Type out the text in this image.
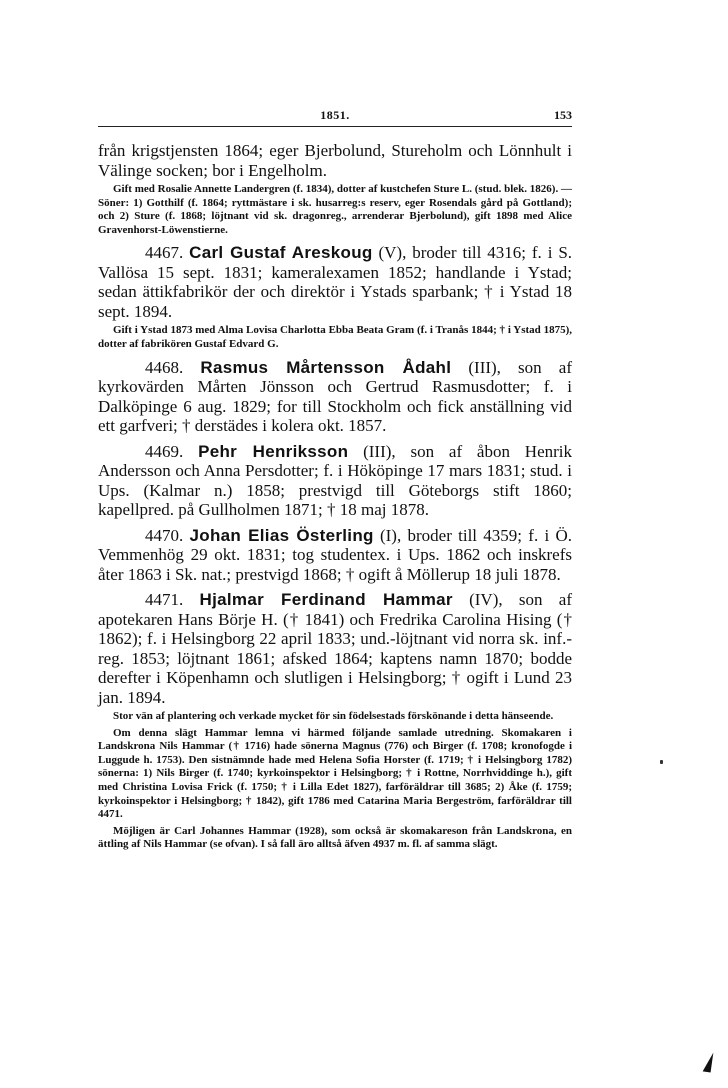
1851.	153

från krigstjensten 1864; eger Bjerbolund, Stureholm och Lönnhult i Välinge socken; bor i Engelholm.

Gift med Rosalie Annette Landergren (f. 1834), dotter af kustchefen Sture L. (stud. blek. 1826). — Söner: 1) Gotthilf (f. 1864; ryttmästare i sk. husarreg:s reserv, eger Rosendals gård på Gottland); och 2) Sture (f. 1868; löjtnant vid sk. dragonreg., arrenderar Bjerbolund), gift 1898 med Alice Gravenhorst-Löwenstierne.

4467. Carl Gustaf Areskoug (V), broder till 4316; f. i S. Vallösa 15 sept. 1831; kameralexamen 1852; handlande i Ystad; sedan ättikfabrikör der och direktör i Ystads sparbank; † i Ystad 18 sept. 1894.

Gift i Ystad 1873 med Alma Lovisa Charlotta Ebba Beata Gram (f. i Tranås 1844; † i Ystad 1875), dotter af fabrikören Gustaf Edvard G.

4468. Rasmus Mårtensson Ådahl (III), son af kyrkovärden Mårten Jönsson och Gertrud Rasmusdotter; f. i Dalköpinge 6 aug. 1829; for till Stockholm och fick anställning vid ett garfveri; † derstädes i kolera okt. 1857.

4469. Pehr Henriksson (III), son af åbon Henrik Andersson och Anna Persdotter; f. i Hököpinge 17 mars 1831; stud. i Ups. (Kalmar n.) 1858; prestvigd till Göteborgs stift 1860; kapellpred. på Gullholmen 1871; † 18 maj 1878.

4470. Johan Elias Österling (I), broder till 4359; f. i Ö. Vemmenhög 29 okt. 1831; tog studentex. i Ups. 1862 och inskrefs åter 1863 i Sk. nat.; prestvigd 1868; † ogift å Möllerup 18 juli 1878.

4471. Hjalmar Ferdinand Hammar (IV), son af apotekaren Hans Börje H. († 1841) och Fredrika Carolina Hising († 1862); f. i Helsingborg 22 april 1833; und.-löjtnant vid norra sk. inf.-reg. 1853; löjtnant 1861; afsked 1864; kaptens namn 1870; bodde derefter i Köpenhamn och slutligen i Helsingborg; † ogift i Lund 23 jan. 1894.

Stor vän af plantering och verkade mycket för sin födelsestads förskönande i detta hänseende.

Om denna slägt Hammar lemna vi härmed följande samlade utredning. Skomakaren i Landskrona Nils Hammar († 1716) hade sönerna Magnus (776) och Birger (f. 1708; kronofogde i Luggude h. 1753). Den sistnämnde hade med Helena Sofia Horster (f. 1719; † i Helsingborg 1782) sönerna: 1) Nils Birger (f. 1740; kyrkoinspektor i Helsingborg; † i Rottne, Norrhviddinge h.), gift med Christina Lovisa Frick (f. 1750; † i Lilla Edet 1827), farföräldrar till 3685; 2) Åke (f. 1759; kyrkoinspektor i Helsingborg; † 1842), gift 1786 med Catarina Maria Bergeström, farföräldrar till 4471.

Möjligen är Carl Johannes Hammar (1928), som också är skomakareson från Landskrona, en ättling af Nils Hammar (se ofvan). I så fall äro alltså äfven 4937 m. fl. af samma slägt.
